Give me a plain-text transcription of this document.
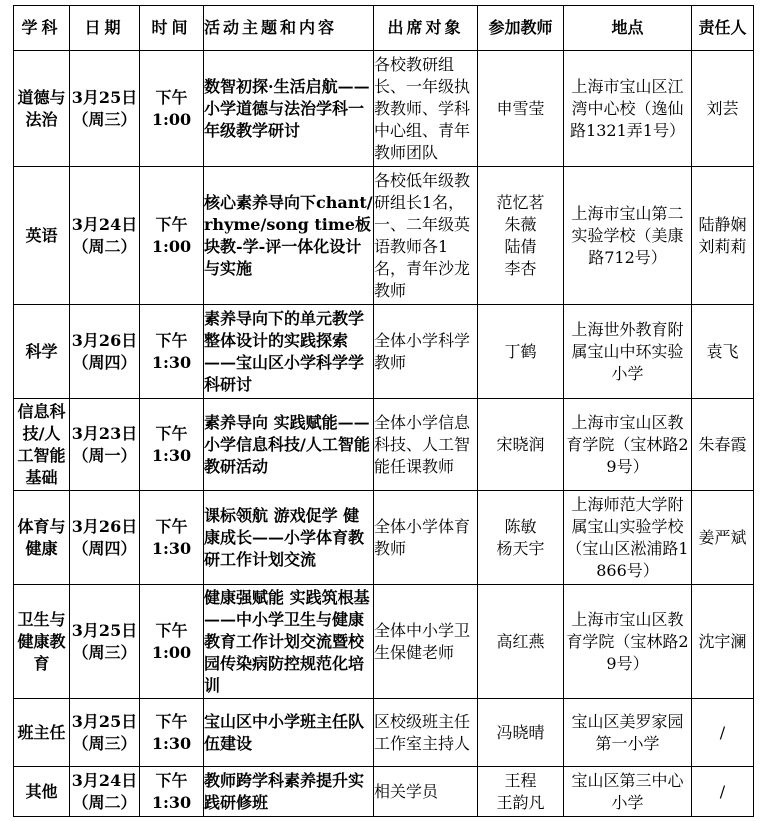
学科	日期	时间	活动主题和内容	出席对象	参加教师	地点	责任人

道德与
法治	3月25日
（周三）	下午
1:00	数智初探·生活启航——小学道德与法治学科一年级教学研讨	各校教研组长、一年级执教教师、学科中心组、青年教师团队	申雪莹	上海市宝山区江湾中心校（逸仙路1321弄1号）	刘芸

英语	3月24日
（周二）	下午
1:00	核心素养导向下chant/rhyme/song time板块教-学-评一体化设计与实施	各校低年级教研组长1名，一、二年级英语教师各1名，青年沙龙教师	范忆茗
朱薇
陆倩
李杏	上海市宝山第二实验学校（美康路712号）	陆静娴
刘莉莉

科学	3月26日
（周四）	下午
1:30	素养导向下的单元教学整体设计的实践探索——宝山区小学科学学科研讨	全体小学科学教师	丁鹤	上海世外教育附属宝山中环实验小学	袁飞

信息科
技/人
工智能
基础	3月23日
（周一）	下午
1:30	素养导向 实践赋能——小学信息科技/人工智能教研活动	全体小学信息科技、人工智能任课教师	宋晓润	上海市宝山区教育学院（宝林路29号）	朱春霞

体育与
健康	3月26日
（周四）	下午
1:30	课标领航 游戏促学 健康成长——小学体育教研工作计划交流	全体小学体育教师	陈敏
杨天宇	上海师范大学附属宝山实验学校（宝山区淞浦路1866号）	姜严斌

卫生与
健康教
育	3月25日
（周三）	下午
1:00	健康强赋能 实践筑根基——中小学卫生与健康教育工作计划交流暨校园传染病防控规范化培训	全体中小学卫生保健老师	高红燕	上海市宝山区教育学院（宝林路29号）	沈宇澜

班主任	3月25日
（周三）	下午
1:30	宝山区中小学班主任队伍建设	区校级班主任工作室主持人	冯晓晴	宝山区美罗家园第一小学	/

其他	3月24日
（周二）	下午
1:30	教师跨学科素养提升实践研修班	相关学员	王程
王韵凡	宝山区第三中心小学	/
